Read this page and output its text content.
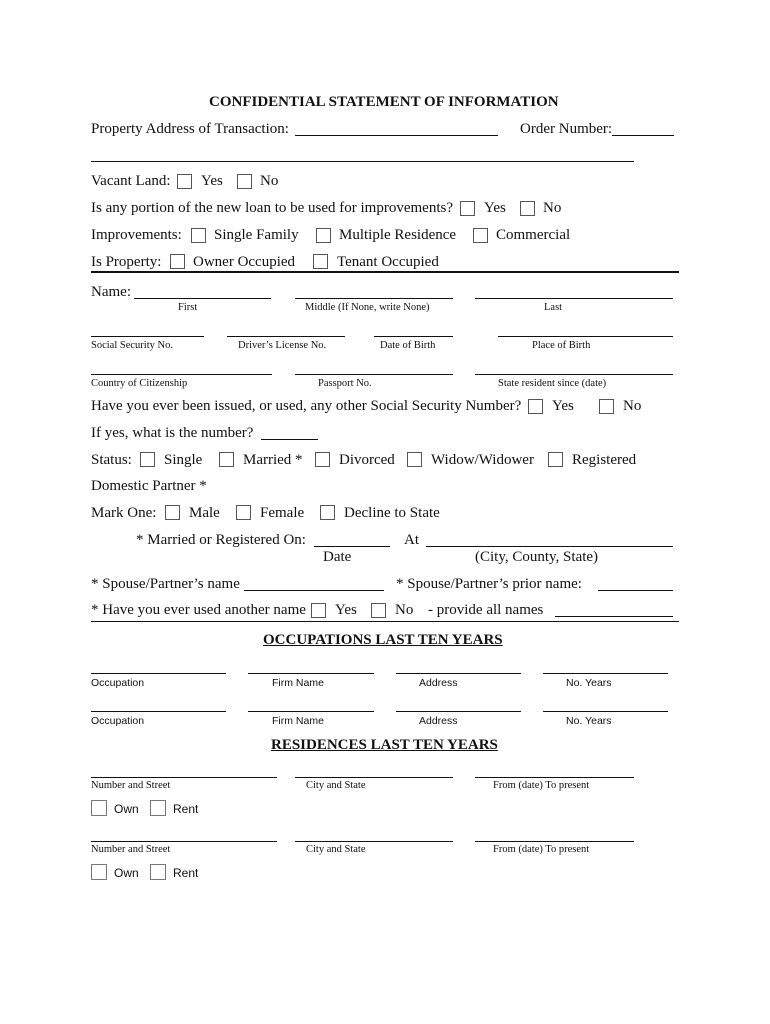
CONFIDENTIAL STATEMENT OF INFORMATION
Property Address of Transaction:	Order Number:
Vacant Land: Yes No
Is any portion of the new loan to be used for improvements? Yes No
Improvements: Single Family	Multiple Residence	Commercial
Is Property: Owner Occupied	Tenant Occupied
Name:
First	Middle (If None, write None)	Last
Social Security No.	Driver’s License No.	Date of Birth	Place of Birth
Country of Citizenship	Passport No.	State resident since (date)
Have you ever been issued, or used, any other Social Security Number? Yes	No
If yes, what is the number?
Status: Single	Married * Divorced Widow/Widower	Registered
Domestic Partner *
Mark One: Male	Female	Decline to State
* Married or Registered On:	At
Date	(City, County, State)
* Spouse/Partner’s name	* Spouse/Partner’s prior name:
* Have you ever used another name Yes	No - provide all names
OCCUPATIONS LAST TEN YEARS
Occupation	Firm Name	Address	No. Years
Occupation	Firm Name	Address	No. Years
RESIDENCES LAST TEN YEARS
Number and Street	City and State	From (date) To present
Own	Rent
Number and Street	City and State	From (date) To present
Own	Rent
